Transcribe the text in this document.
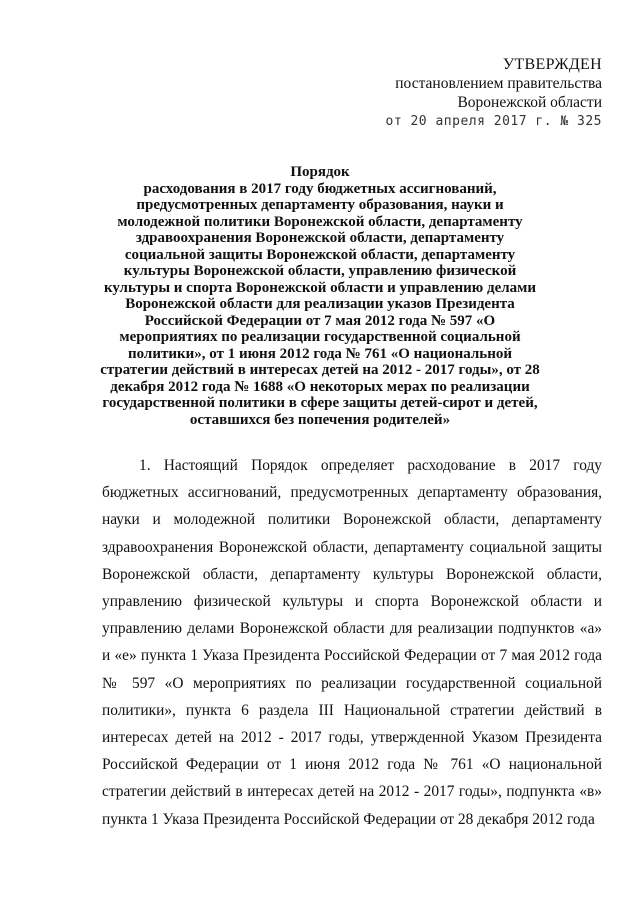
УТВЕРЖДЕН
постановлением правительства
Воронежской области
от 20 апреля 2017 г. № 325
Порядок
расходования в 2017 году бюджетных ассигнований, предусмотренных департаменту образования, науки и молодежной политики Воронежской области, департаменту здравоохранения Воронежской области, департаменту социальной защиты Воронежской области, департаменту культуры Воронежской области, управлению физической культуры и спорта Воронежской области и управлению делами Воронежской области для реализации указов Президента Российской Федерации от 7 мая 2012 года № 597 «О мероприятиях по реализации государственной социальной политики», от 1 июня 2012 года № 761 «О национальной стратегии действий в интересах детей на 2012 - 2017 годы», от 28 декабря 2012 года № 1688 «О некоторых мерах по реализации государственной политики в сфере защиты детей-сирот и детей, оставшихся без попечения родителей»

1. Настоящий Порядок определяет расходование в 2017 году бюджетных ассигнований, предусмотренных департаменту образования, науки и молодежной политики Воронежской области, департаменту здравоохранения Воронежской области, департаменту социальной защиты Воронежской области, департаменту культуры Воронежской области, управлению физической культуры и спорта Воронежской области и управлению делами Воронежской области для реализации подпунктов «а» и «е» пункта 1 Указа Президента Российской Федерации от 7 мая 2012 года № 597 «О мероприятиях по реализации государственной социальной политики», пункта 6 раздела III Национальной стратегии действий в интересах детей на 2012 - 2017 годы, утвержденной Указом Президента Российской Федерации от 1 июня 2012 года № 761 «О национальной стратегии действий в интересах детей на 2012 - 2017 годы», подпункта «в» пункта 1 Указа Президента Российской Федерации от 28 декабря 2012 года
